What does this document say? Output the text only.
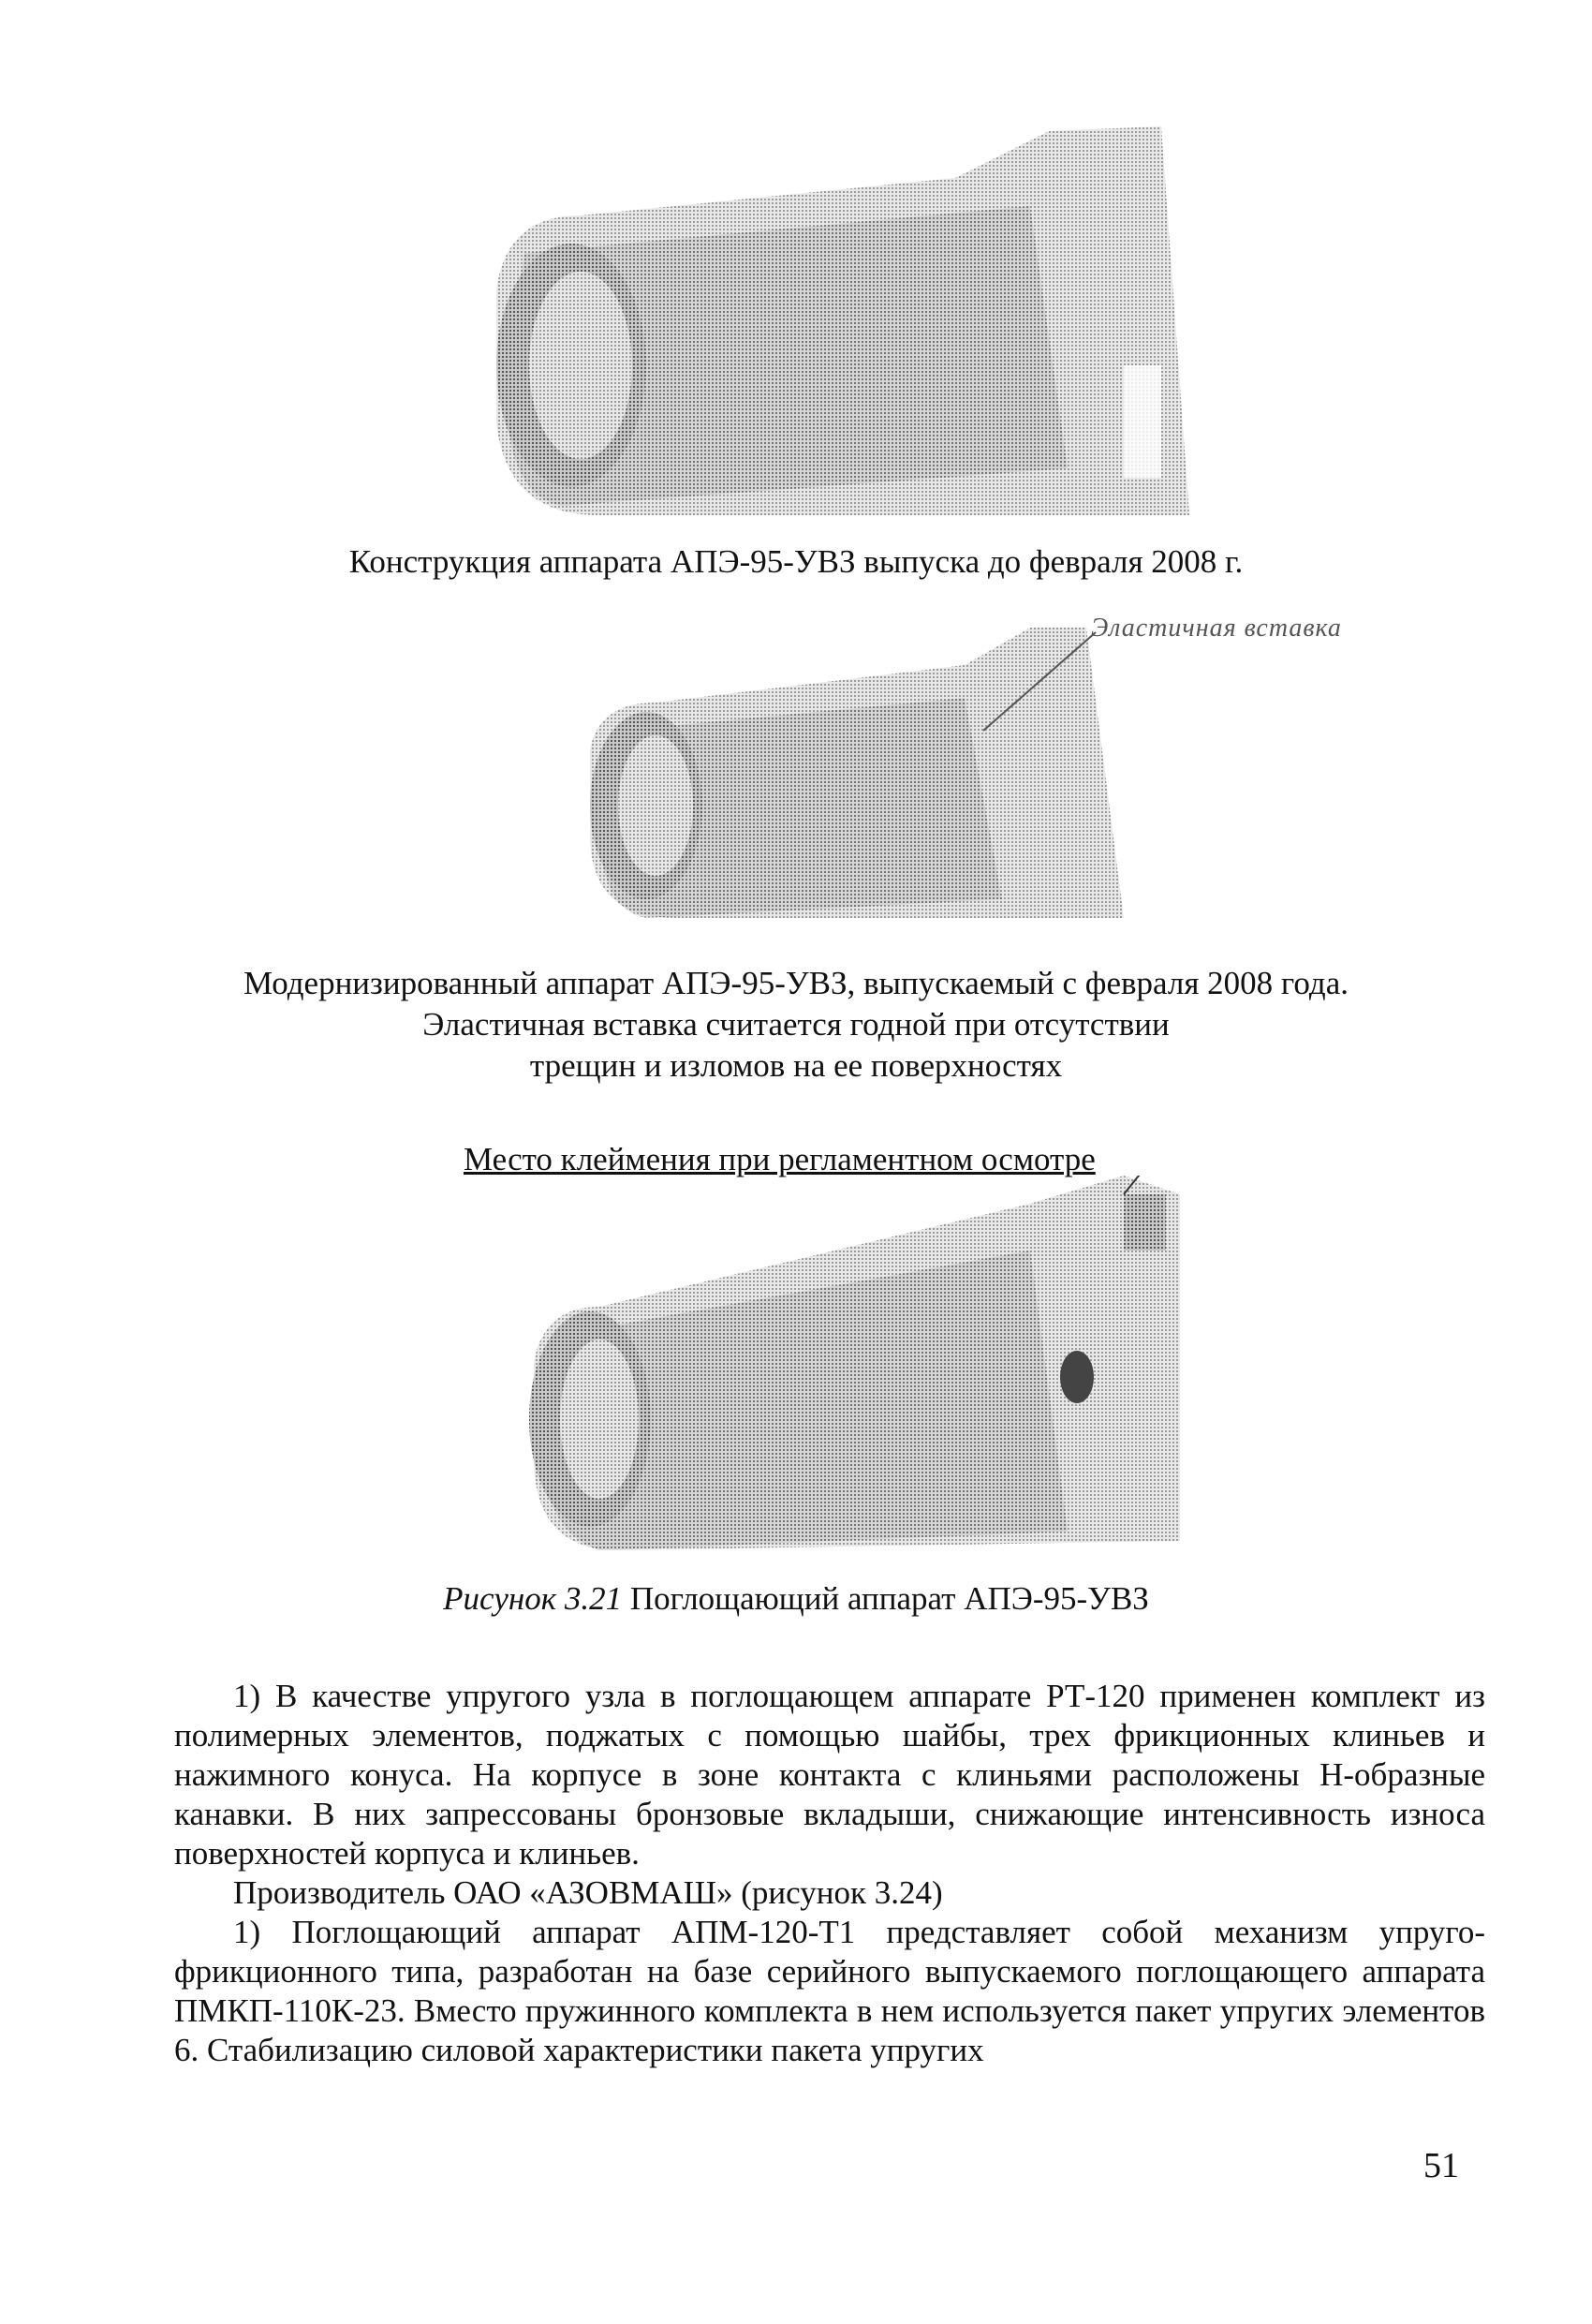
Конструкция аппарата АПЭ-95-УВЗ выпуска до февраля 2008 г.
Эластичная вставка
Модернизированный аппарат АПЭ-95-УВЗ, выпускаемый с февраля 2008 года.
Эластичная вставка считается годной при отсутствии
трещин и изломов на ее поверхностях
Место клеймения при регламентном осмотре
Рисунок 3.21 Поглощающий аппарат АПЭ-95-УВЗ

1) В качестве упругого узла в поглощающем аппарате РТ-120 применен комплект из полимерных элементов, поджатых с помощью шайбы, трех фрикционных клиньев и нажимного конуса. На корпусе в зоне контакта с клиньями расположены Н-образные канавки. В них запрессованы бронзовые вкладыши, снижающие интенсивность износа поверхностей корпуса и клиньев.

Производитель ОАО «АЗОВМАШ» (рисунок 3.24)

1) Поглощающий аппарат АПМ-120-Т1 представляет собой механизм упруго-фрикционного типа, разработан на базе серийного выпускаемого поглощающего аппарата ПМКП-110К-23. Вместо пружинного комплекта в нем используется пакет упругих элементов 6. Стабилизацию силовой характеристики пакета упругих

51
